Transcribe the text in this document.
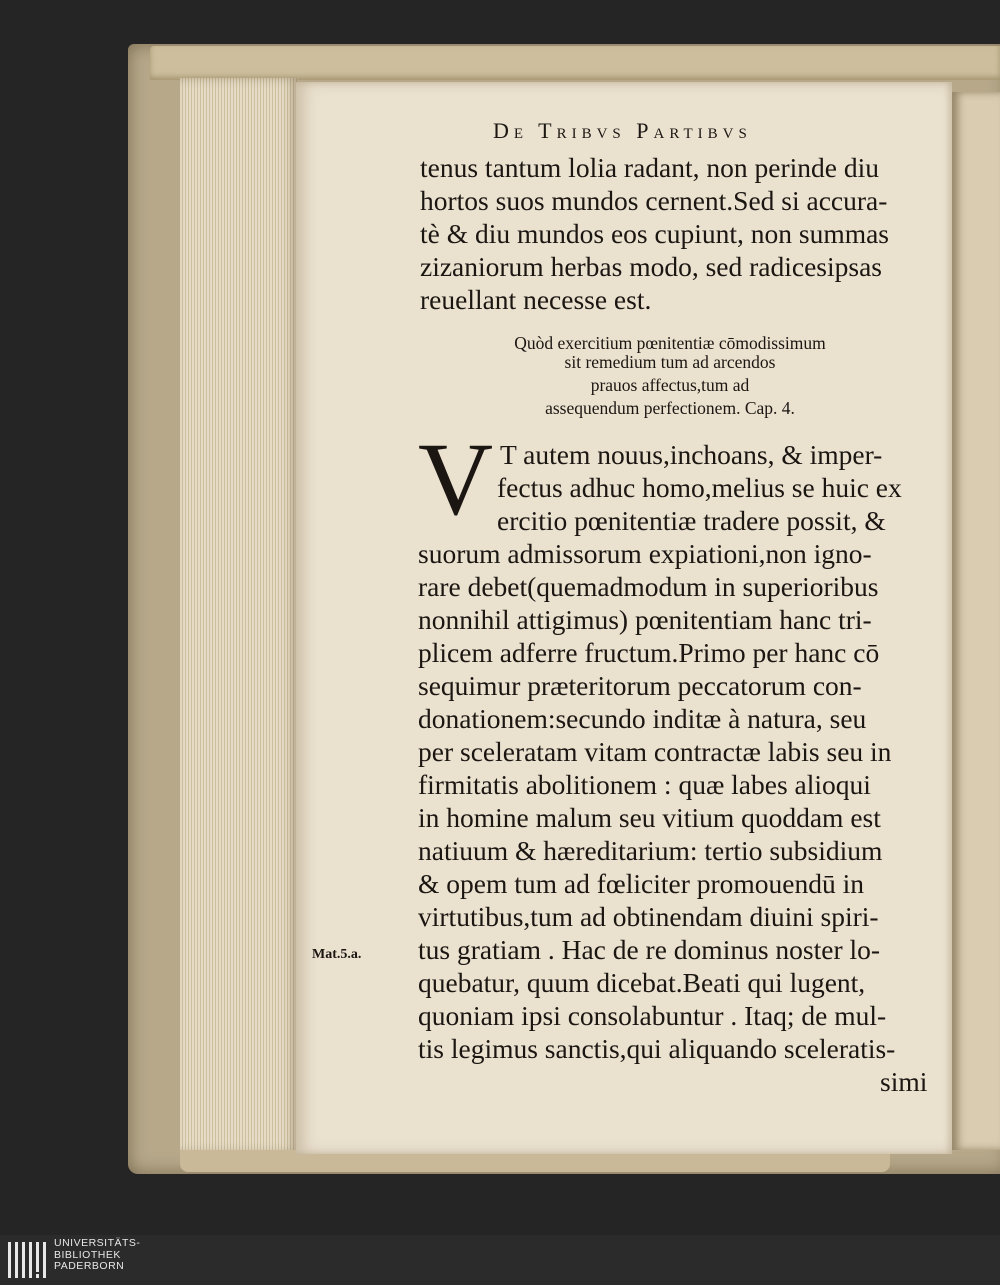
De Tribvs Partibvs
tenus tantum lolia radant, non perinde diu
hortos suos mundos cernent.Sed si accura-
tè & diu mundos eos cupiunt, non summas
zizaniorum herbas modo, sed radicesipsas
reuellant necesse est.
Quòd exercitium pœnitentiæ cōmodissimum
sit remedium tum ad arcendos
prauos affectus,tum ad
assequendum perfectionem. Cap. 4.
V T autem nouus,inchoans, & imper-
fectus adhuc homo,melius se huic ex
ercitio pœnitentiæ tradere possit, &
suorum admissorum expiationi,non igno-
rare debet(quemadmodum in superioribus
nonnihil attigimus) pœnitentiam hanc tri-
plicem adferre fructum.Primo per hanc cō
sequimur præteritorum peccatorum con-
donationem:secundo inditæ à natura, seu
per sceleratam vitam contractæ labis seu in
firmitatis abolitionem : quæ labes alioqui
in homine malum seu vitium quoddam est
natiuum & hæreditarium: tertio subsidium
& opem tum ad fœliciter promouendū in
virtutibus,tum ad obtinendam diuini spiri-
tus gratiam . Hac de re dominus noster lo-
quebatur, quum dicebat.Beati qui lugent,
quoniam ipsi consolabuntur . Itaq; de mul-
tis legimus sanctis,qui aliquando sceleratis-
simi
Mat.5.a.
UNIVERSITÄTS-
BIBLIOTHEK
PADERBORN
